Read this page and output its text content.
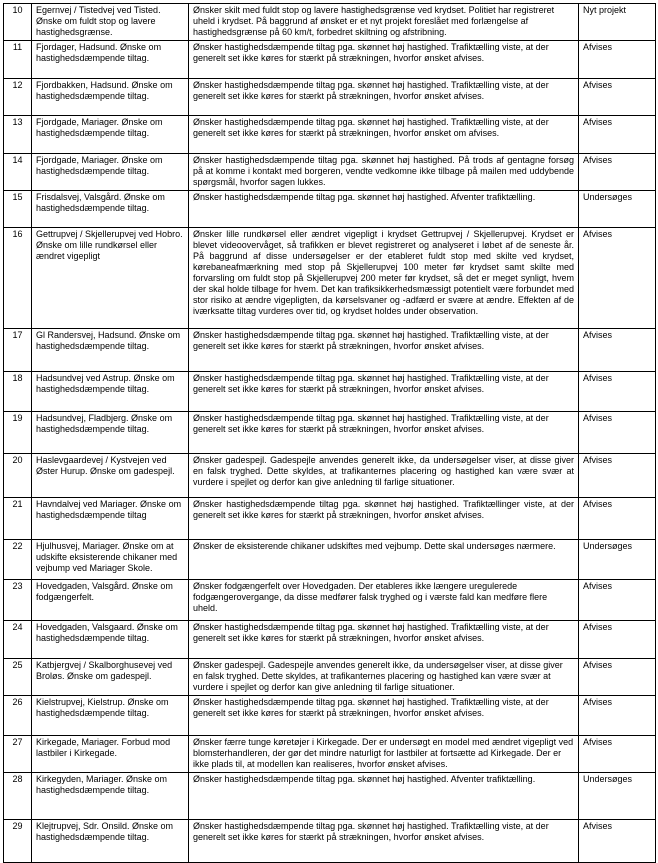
10	Egernvej / Tistedvej ved Tisted. Ønske om fuldt stop og lavere hastighedsgrænse.	Ønsker skilt med fuldt stop og lavere hastighedsgrænse ved krydset. Politiet har registreret uheld i krydset. På baggrund af ønsket er et nyt projekt foreslået med forlængelse af hastighedsgrænse på 60 km/t, forbedret skiltning og afstribning.	Nyt projekt
11	Fjordager, Hadsund. Ønske om hastighedsdæmpende tiltag.	Ønsker hastighedsdæmpende tiltag pga. skønnet høj hastighed. Trafiktælling viste, at der generelt set ikke køres for stærkt på strækningen, hvorfor ønsket afvises.	Afvises
12	Fjordbakken, Hadsund. Ønske om hastighedsdæmpende tiltag.	Ønsker hastighedsdæmpende tiltag pga. skønnet høj hastighed. Trafiktælling viste, at der generelt set ikke køres for stærkt på strækningen, hvorfor ønsket afvises.	Afvises
13	Fjordgade, Mariager. Ønske om hastighedsdæmpende tiltag.	Ønsker hastighedsdæmpende tiltag pga. skønnet høj hastighed. Trafiktælling viste, at der generelt set ikke køres for stærkt på strækningen, hvorfor ønsket om afvises.	Afvises
14	Fjordgade, Mariager. Ønske om hastighedsdæmpende tiltag.	Ønsker hastighedsdæmpende tiltag pga. skønnet høj hastighed. På trods af gentagne forsøg på at komme i kontakt med borgeren, vendte vedkomne ikke tilbage på mailen med uddybende spørgsmål, hvorfor sagen lukkes.	Afvises
15	Frisdalsvej, Valsgård. Ønske om hastighedsdæmpende tiltag.	Ønsker hastighedsdæmpende tiltag pga. skønnet høj hastighed. Afventer trafiktælling.	Undersøges
16	Gettrupvej / Skjellerupvej ved Hobro. Ønske om lille rundkørsel eller ændret vigepligt	Ønsker lille rundkørsel eller ændret vigepligt i krydset Gettrupvej / Skjellerupvej. Krydset er blevet videoovervåget, så trafikken er blevet registreret og analyseret i løbet af de seneste år. På baggrund af disse undersøgelser er der etableret fuldt stop med skilte ved krydset, kørebaneafmærkning med stop på Skjellerupvej 100 meter før krydset samt skilte med forvarsling om fuldt stop på Skjellerupvej 200 meter før krydset, så det er meget synligt, hvem der skal holde tilbage for hvem. Det kan trafiksikkerhedsmæssigt potentielt være forbundet med stor risiko at ændre vigepligten, da kørselsvaner og -adfærd er svære at ændre. Effekten af de iværksatte tiltag vurderes over tid, og krydset holdes under observation.	Afvises
17	Gl Randersvej, Hadsund. Ønske om hastighedsdæmpende tiltag.	Ønsker hastighedsdæmpende tiltag pga. skønnet høj hastighed. Trafiktælling viste, at der generelt set ikke køres for stærkt på strækningen, hvorfor ønsket afvises.	Afvises
18	Hadsundvej ved Astrup. Ønske om hastighedsdæmpende tiltag.	Ønsker hastighedsdæmpende tiltag pga. skønnet høj hastighed. Trafiktælling viste, at der generelt set ikke køres for stærkt på strækningen, hvorfor ønsket afvises.	Afvises
19	Hadsundvej, Fladbjerg. Ønske om hastighedsdæmpende tiltag.	Ønsker hastighedsdæmpende tiltag pga. skønnet høj hastighed. Trafiktælling viste, at der generelt set ikke køres for stærkt på strækningen, hvorfor ønsket afvises.	Afvises
20	Haslevgaardevej / Kystvejen ved Øster Hurup. Ønske om gadespejl.	Ønsker gadespejl. Gadespejle anvendes generelt ikke, da undersøgelser viser, at disse giver en falsk tryghed. Dette skyldes, at trafikanternes placering og hastighed kan være svær at vurdere i spejlet og derfor kan give anledning til farlige situationer.	Afvises
21	Havndalvej ved Mariager. Ønske om hastighedsdæmpende tiltag	Ønsker hastighedsdæmpende tiltag pga. skønnet høj hastighed. Trafiktællinger viste, at der generelt set ikke køres for stærkt på strækningen, hvorfor ønsket afvises.	Afvises
22	Hjulhusvej, Mariager. Ønske om at udskifte eksisterende chikaner med vejbump ved Mariager Skole.	Ønsker de eksisterende chikaner udskiftes med vejbump. Dette skal undersøges nærmere.	Undersøges
23	Hovedgaden, Valsgård. Ønske om fodgængerfelt.	Ønsker fodgængerfelt over Hovedgaden. Der etableres ikke længere uregulerede fodgængerovergange, da disse medfører falsk tryghed og i værste fald kan medføre flere uheld.	Afvises
24	Hovedgaden, Valsgaard. Ønske om hastighedsdæmpende tiltag.	Ønsker hastighedsdæmpende tiltag pga. skønnet høj hastighed. Trafiktælling viste, at der generelt set ikke køres for stærkt på strækningen, hvorfor ønsket afvises.	Afvises
25	Katbjergvej / Skalborghusevej ved Broløs. Ønske om gadespejl.	Ønsker gadespejl. Gadespejle anvendes generelt ikke, da undersøgelser viser, at disse giver en falsk tryghed. Dette skyldes, at trafikanternes placering og hastighed kan være svær at vurdere i spejlet og derfor kan give anledning til farlige situationer.	Afvises
26	Kielstrupvej, Kielstrup. Ønske om hastighedsdæmpende tiltag.	Ønsker hastighedsdæmpende tiltag pga. skønnet høj hastighed. Trafiktælling viste, at der generelt set ikke køres for stærkt på strækningen, hvorfor ønsket afvises.	Afvises
27	Kirkegade, Mariager. Forbud mod lastbiler i Kirkegade.	Ønsker færre tunge køretøjer i Kirkegade. Der er undersøgt en model med ændret vigepligt ved blomsterhandleren, der gør det mindre naturligt for lastbiler at fortsætte ad Kirkegade. Der er ikke plads til, at modellen kan realiseres, hvorfor ønsket afvises.	Afvises
28	Kirkegyden, Mariager. Ønske om hastighedsdæmpende tiltag.	Ønsker hastighedsdæmpende tiltag pga. skønnet høj hastighed. Afventer trafiktælling.	Undersøges
29	Klejtrupvej, Sdr. Onsild. Ønske om hastighedsdæmpende tiltag.	Ønsker hastighedsdæmpende tiltag pga. skønnet høj hastighed. Trafiktælling viste, at der generelt set ikke køres for stærkt på strækningen, hvorfor ønsket afvises.	Afvises
